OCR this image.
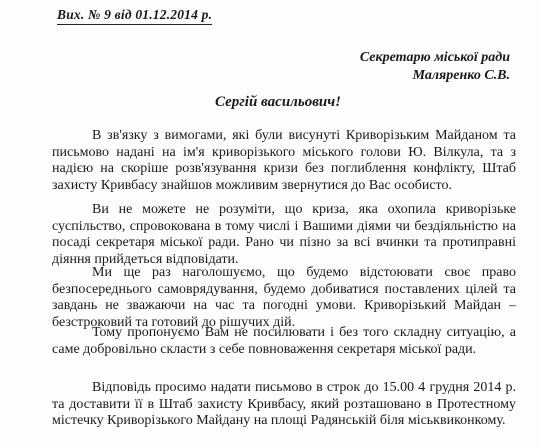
Вих. № 9 від 01.12.2014 р.
Секретарю міської ради
Маляренко С.В.
Сергій васильович!
В зв'язку з вимогами, які були висунуті Криворізьким Майданом та
письмово надані на ім'я криворізького міського голови Ю. Вілкула, та з
надією на скоріше розв'язування кризи без поглиблення конфлікту, Штаб
захисту Кривбасу знайшов можливим звернутися до Вас особисто.
Ви не можете не розуміти, що криза, яка охопила криворізьке
суспільство, спровокована в тому числі і Вашими діями чи бездіяльністю на
посаді секретаря міської ради. Рано чи пізно за всі вчинки та протиправні
діяння прийдеться відповідати.
Ми ще раз наголошуємо, що будемо відстоювати своє право
безпосереднього самоврядування, будемо добиватися поставлених цілей та
завдань не зважаючи на час та погодні умови. Криворізький Майдан –
безстроковий та готовий до рішучих дій.
Тому пропонуємо Вам не посилювати і без того складну ситуацію, а
саме добровільно скласти з себе повноваження секретаря міської ради.
Відповідь просимо надати письмово в строк до 15.00 4 грудня 2014 р.
та доставити її в Штаб захисту Кривбасу, який розташовано в Протестному
містечку Криворізького Майдану на площі Радянській біля міськвиконкому.
